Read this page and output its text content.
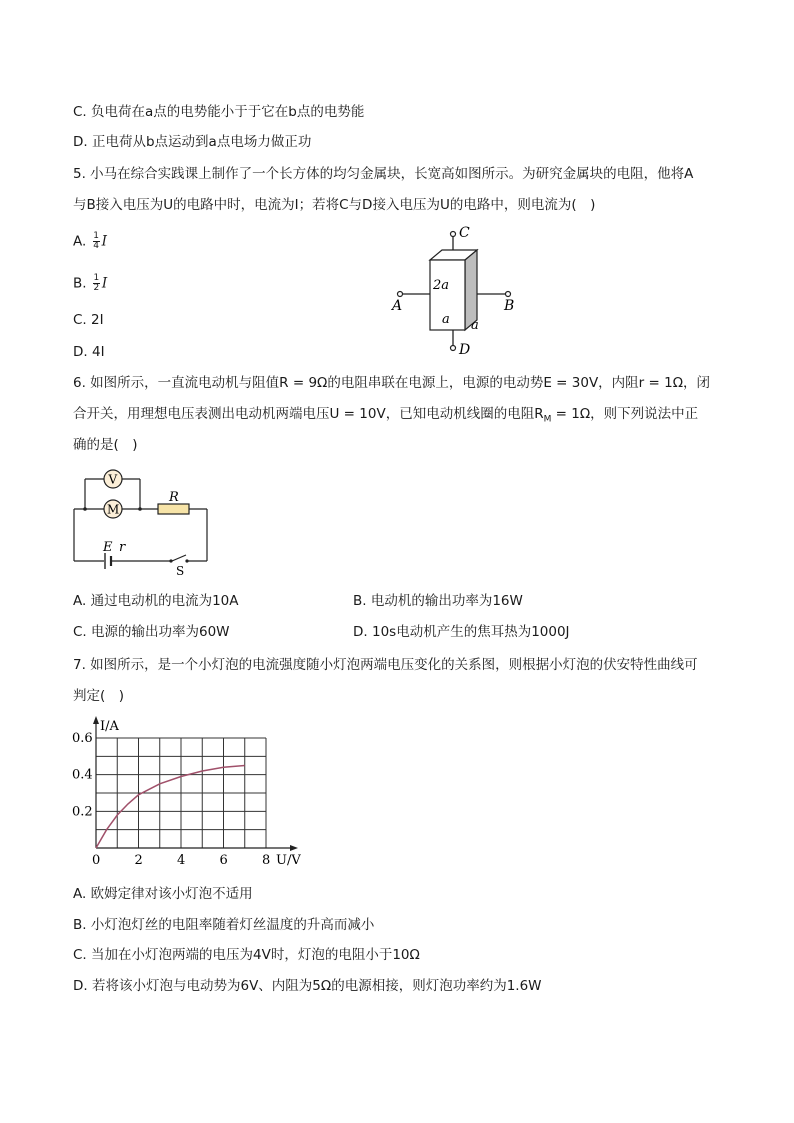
C. 负电荷在a点的电势能小于于它在b点的电势能
D. 正电荷从b点运动到a点电场力做正功
5. 小马在综合实践课上制作了一个长方体的均匀金属块，长宽高如图所示。为研究金属块的电阻，他将A
与B接入电压为U的电路中时，电流为I；若将C与D接入电压为U的电路中，则电流为(　)
A. $\frac{1}{4}$ I
B. $\frac{1}{2}$ I
C. 2I
D. 4I
C
A	B
D
2a
a a
6. 如图所示，一直流电动机与阻值R = 9Ω的电阻串联在电源上，电源的电动势E = 30V，内阻r = 1Ω，闭
合开关，用理想电压表测出电动机两端电压U = 10V，已知电动机线圈的电阻$R_M = 1\Omega$，则下列说法中正
确的是(　)
V
M
R
E r
S
A. 通过电动机的电流为10A	B. 电动机的输出功率为16W
C. 电源的输出功率为60W	D. 10s电动机产生的焦耳热为1000J
7. 如图所示，是一个小灯泡的电流强度随小灯泡两端电压变化的关系图，则根据小灯泡的伏安特性曲线可
判定(　)
0	2	4	6	8
0.2
0.4
0.6
I/A
U/V
A. 欧姆定律对该小灯泡不适用
B. 小灯泡灯丝的电阻率随着灯丝温度的升高而减小
C. 当加在小灯泡两端的电压为4V时，灯泡的电阻小于10Ω
D. 若将该小灯泡与电动势为6V、内阻为5Ω的电源相接，则灯泡功率约为1.6W
